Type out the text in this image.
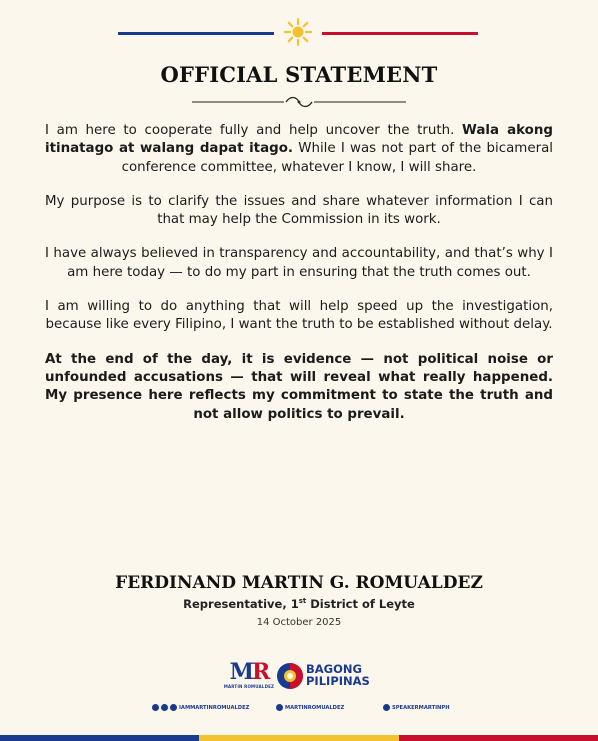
OFFICIAL STATEMENT

I am here to cooperate fully and help uncover the truth. Wala akong itinatago at walang dapat itago. While I was not part of the bicameral conference committee, whatever I know, I will share.

My purpose is to clarify the issues and share whatever information I can that may help the Commission in its work.

I have always believed in transparency and accountability, and that’s why I am here today — to do my part in ensuring that the truth comes out.

I am willing to do anything that will help speed up the investigation, because like every Filipino, I want the truth to be established without delay.

At the end of the day, it is evidence — not political noise or unfounded accusations — that will reveal what really happened. My presence here reflects my commitment to state the truth and not allow politics to prevail.

FERDINAND MARTIN G. ROMUALDEZ
Representative, 1st District of Leyte
14 October 2025
MR
MARTIN ROMUALDEZ
BAGONG
PILIPINAS
IAMMARTINROMUALDEZ	MARTINROMUALDEZ	SPEAKERMARTINPH
